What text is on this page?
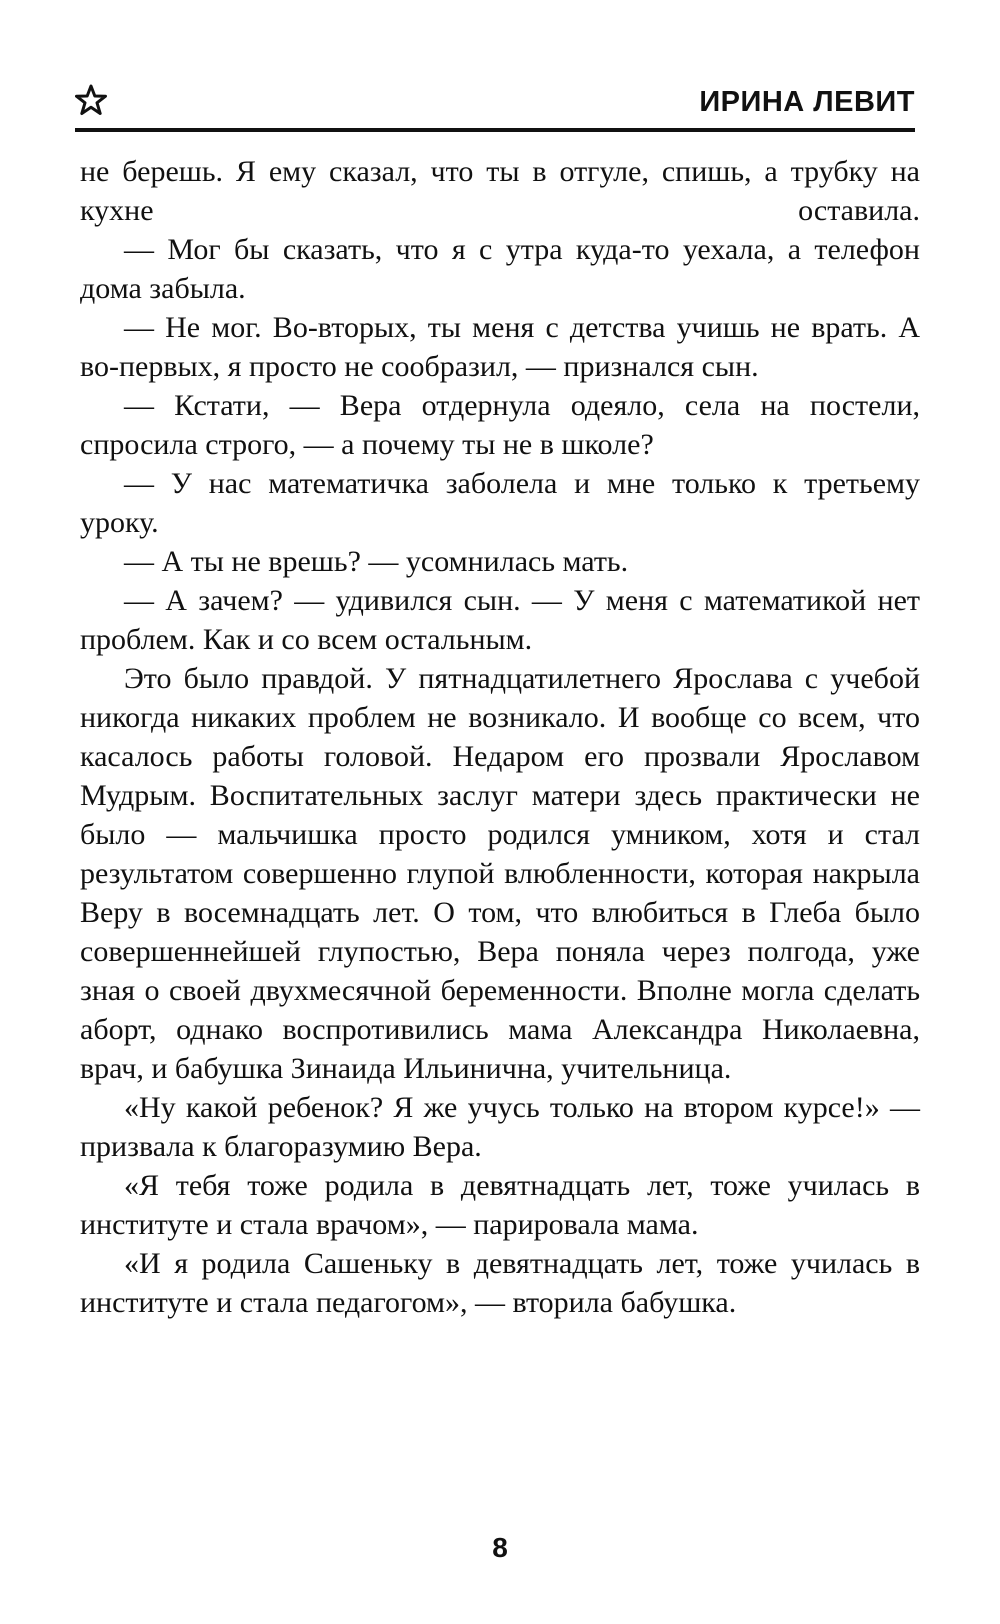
ИРИНА ЛЕВИТ

не берешь. Я ему сказал, что ты в отгуле, спишь, а трубку на кухне оставила.

— Мог бы сказать, что я с утра куда-то уехала, а телефон дома забыла.

— Не мог. Во-вторых, ты меня с детства учишь не врать. А во-первых, я просто не сообразил, — признался сын.

— Кстати, — Вера отдернула одеяло, села на постели, спросила строго, — а почему ты не в школе?

— У нас математичка заболела и мне только к третьему уроку.

— А ты не врешь? — усомнилась мать.

— А зачем? — удивился сын. — У меня с математикой нет проблем. Как и со всем остальным.

Это было правдой. У пятнадцатилетнего Ярослава с учебой никогда никаких проблем не возникало. И вообще со всем, что касалось работы головой. Недаром его прозвали Ярославом Мудрым. Воспитательных заслуг матери здесь практически не было — мальчишка просто родился умником, хотя и стал результатом совершенно глупой влюбленности, которая накрыла Веру в восемнадцать лет. О том, что влюбиться в Глеба было совершеннейшей глупостью, Вера поняла через полгода, уже зная о своей двухмесячной беременности. Вполне могла сделать аборт, однако воспротивились мама Александра Николаевна, врач, и бабушка Зинаида Ильинична, учительница.

«Ну какой ребенок? Я же учусь только на втором курсе!» — призвала к благоразумию Вера.

«Я тебя тоже родила в девятнадцать лет, тоже училась в институте и стала врачом», — парировала мама.

«И я родила Сашеньку в девятнадцать лет, тоже училась в институте и стала педагогом», — вторила бабушка.

8
